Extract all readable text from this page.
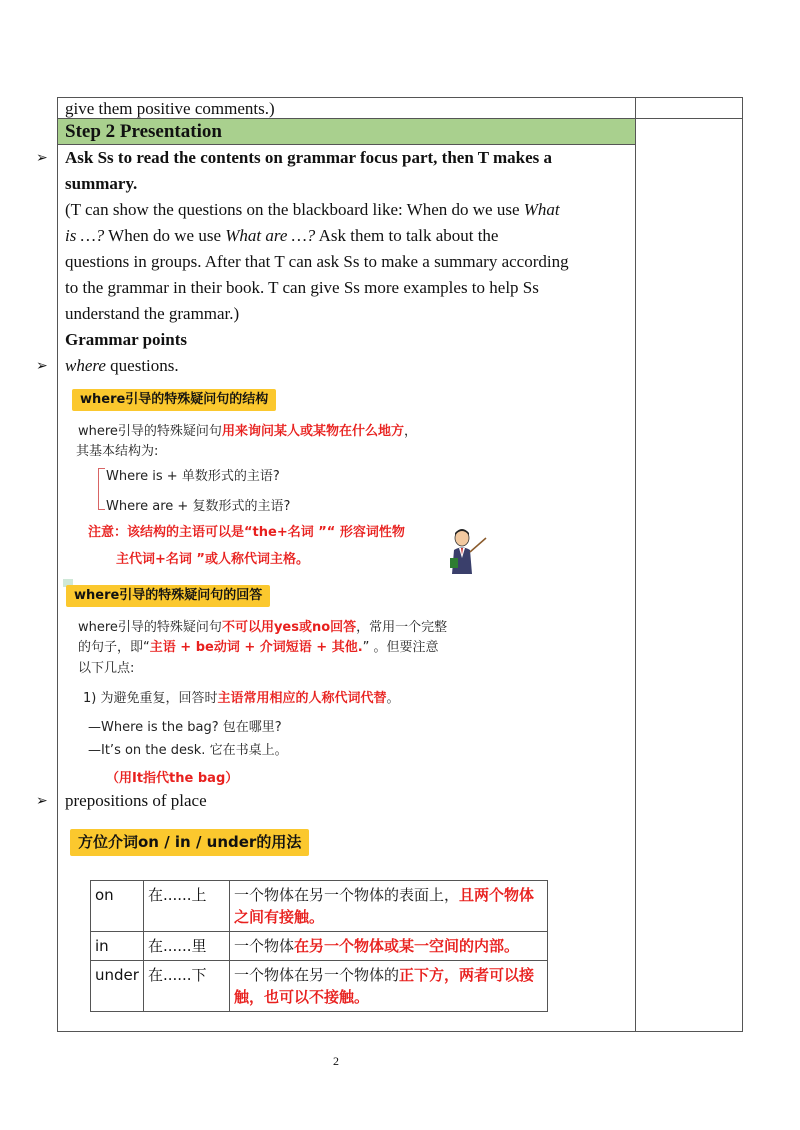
give them positive comments.)
Step 2 Presentation
➢ Ask Ss to read the contents on grammar focus part, then T makes a
summary.
(T can show the questions on the blackboard like: When do we use What
is …? When do we use What are …? Ask them to talk about the
questions in groups. After that T can ask Ss to make a summary according
to the grammar in their book. T can give Ss more examples to help Ss
understand the grammar.)
Grammar points
➢ where questions.
where引导的特殊疑问句的结构
where引导的特殊疑问句用来询问某人或某物在什么地方，
其基本结构为:
Where is + 单数形式的主语?
Where are + 复数形式的主语?
注意：该结构的主语可以是“the+名词 ”“ 形容词性物
主代词+名词 ”或人称代词主格。
where引导的特殊疑问句的回答
where引导的特殊疑问句不可以用yes或no回答，常用一个完整
的句子，即“主语 + be动词 + 介词短语 + 其他.” 。但要注意
以下几点:
1) 为避免重复，回答时主语常用相应的人称代词代替。
—Where is the bag? 包在哪里?
—It’s on the desk. 它在书桌上。
（用It指代the bag）
➢ prepositions of place
方位介词on / in / under的用法
on	在......上	一个物体在另一个物体的表面上，且两个物体之间有接触。
in	在......里	一个物体在另一个物体或某一空间的内部。
under	在......下	一个物体在另一个物体的正下方，两者可以接触，也可以不接触。
2
